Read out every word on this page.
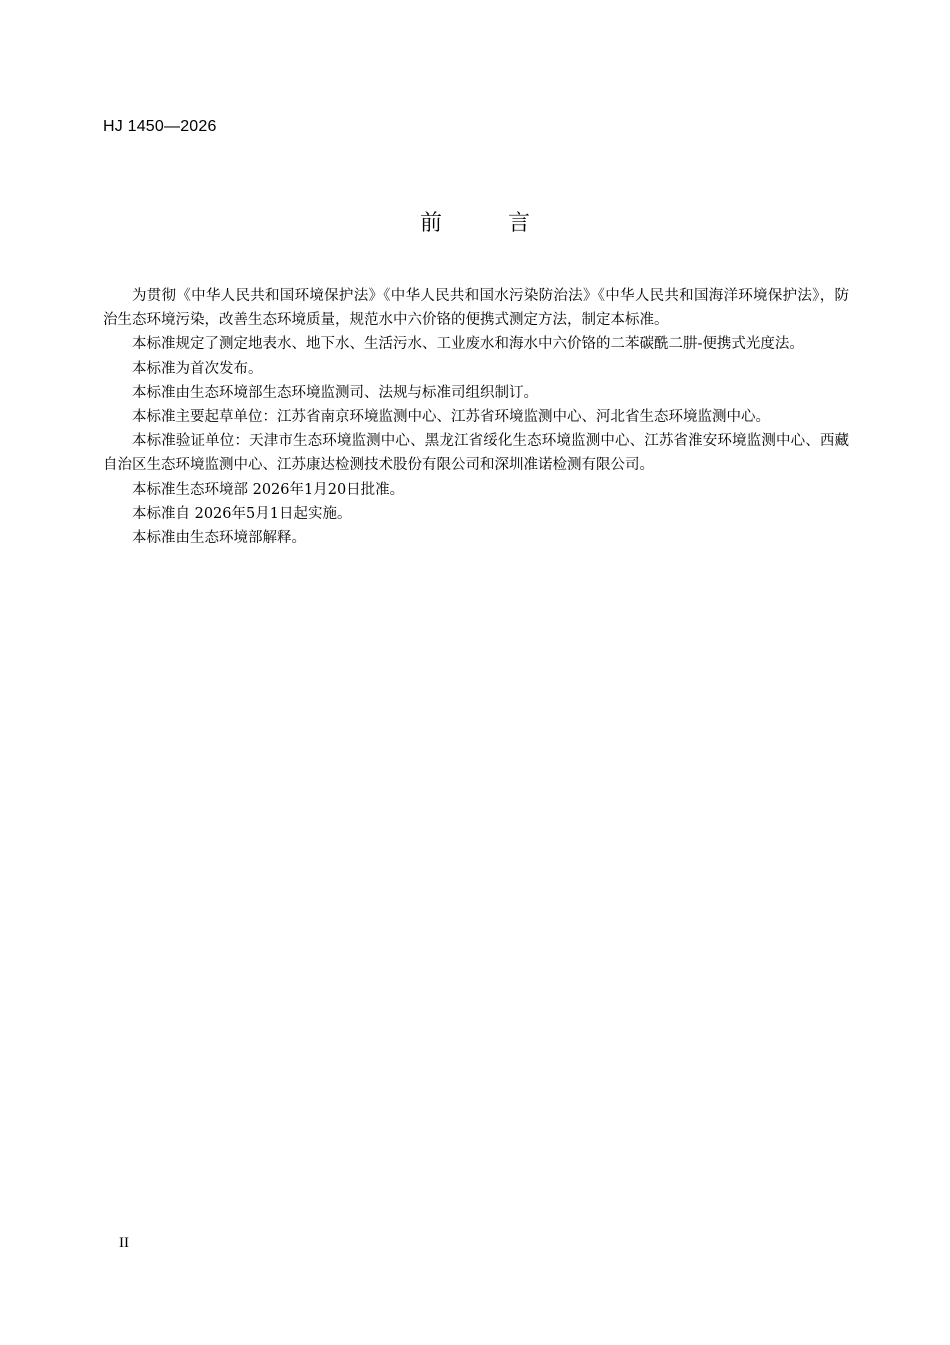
HJ 1450—2026
前　言

为贯彻《中华人民共和国环境保护法》《中华人民共和国水污染防治法》《中华人民共和国海洋环境保护法》，防治生态环境污染，改善生态环境质量，规范水中六价铬的便携式测定方法，制定本标准。

本标准规定了测定地表水、地下水、生活污水、工业废水和海水中六价铬的二苯碳酰二肼-便携式光度法。

本标准为首次发布。

本标准由生态环境部生态环境监测司、法规与标准司组织制订。

本标准主要起草单位：江苏省南京环境监测中心、江苏省环境监测中心、河北省生态环境监测中心。

本标准验证单位：天津市生态环境监测中心、黑龙江省绥化生态环境监测中心、江苏省淮安环境监测中心、西藏自治区生态环境监测中心、江苏康达检测技术股份有限公司和深圳准诺检测有限公司。

本标准生态环境部 2026年1月20日批准。

本标准自 2026年5月1日起实施。

本标准由生态环境部解释。

II
